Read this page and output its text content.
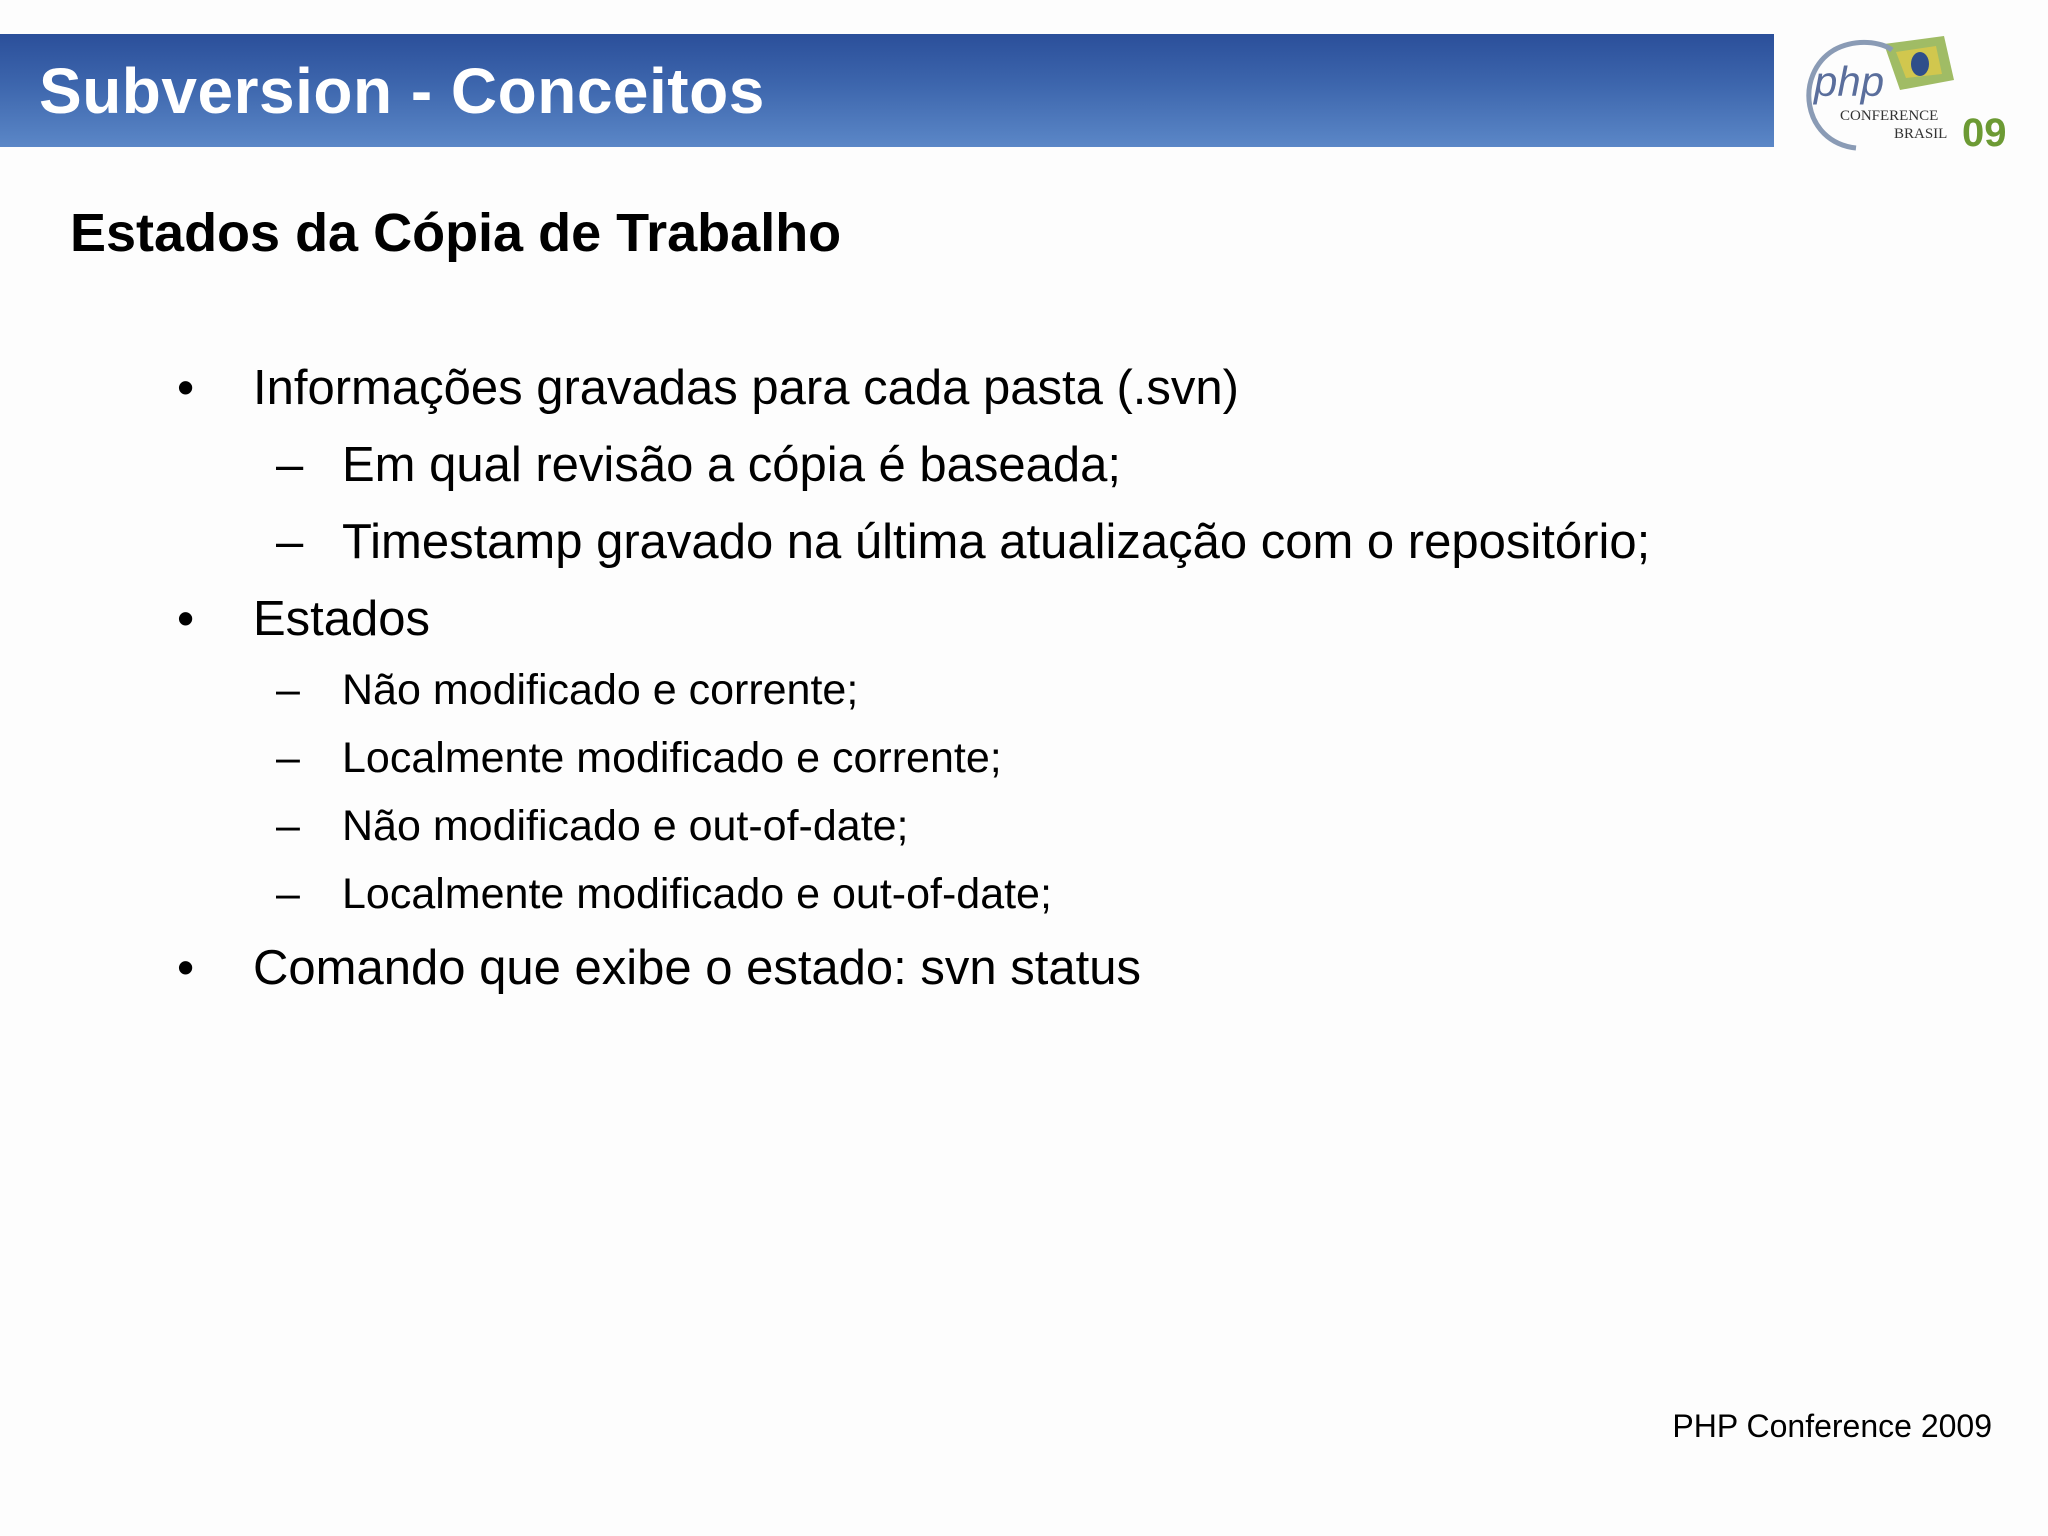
Subversion - Conceitos	php
CONFERENCE
BRASIL 09
Estados da Cópia de Trabalho
• Informações gravadas para cada pasta (.svn)
– Em qual revisão a cópia é baseada;
– Timestamp gravado na última atualização com o repositório;
• Estados
– Não modificado e corrente;
– Localmente modificado e corrente;
– Não modificado e out-of-date;
– Localmente modificado e out-of-date;
• Comando que exibe o estado: svn status
PHP Conference 2009
